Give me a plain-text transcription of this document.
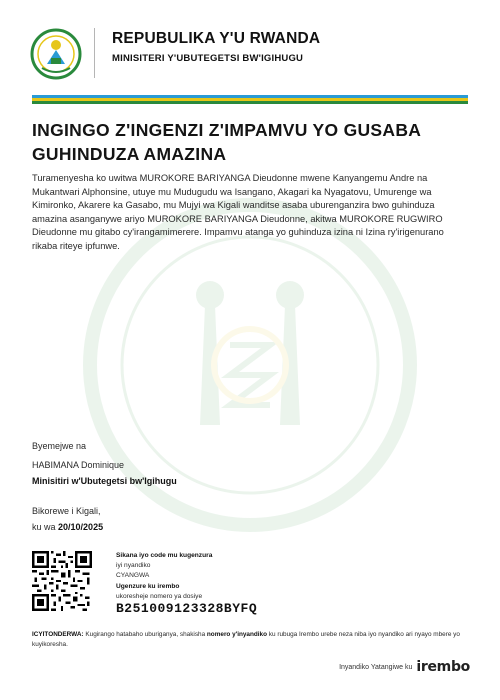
REPUBULIKA Y'U RWANDA
MINISITERI Y'UBUTEGETSI BW'IGIHUGU
INGINGO Z'INGENZI Z'IMPAMVU YO GUSABA
GUHINDUZA AMAZINA
Turamenyesha ko uwitwa MUROKORE BARIYANGA Dieudonne mwene Kanyangemu Andre na Mukantwari Alphonsine, utuye mu Mudugudu wa Isangano, Akagari ka Nyagatovu, Umurenge wa Kimironko, Akarere ka Gasabo, mu Mujyi wa Kigali wanditse asaba uburenganzira bwo guhinduza amazina asanganywe ariyo MUROKORE BARIYANGA Dieudonne, akitwa MUROKORE RUGWIRO Dieudonne mu gitabo cy'irangamimerere. Impamvu atanga yo guhinduza izina ni Izina ry'irigenurano rikaba riteye ipfunwe.
Byemejwe na
HABIMANA Dominique
Minisitiri w'Ubutegetsi bw'Igihugu
Bikorewe i Kigali,
ku wa 20/10/2025
Sikana iyo code mu kugenzura
iyi nyandiko
CYANGWA
Ugenzure ku irembo
ukoresheje nomero ya dosiye
B251009123328BYFQ
ICYITONDERWA: Kugirango hatabaho uburiganya, shakisha nomero y'inyandiko ku rubuga Irembo urebe neza niba iyo nyandiko ari nyayo mbere yo kuyikoresha.
Inyandiko Yatangiwe ku irembo
